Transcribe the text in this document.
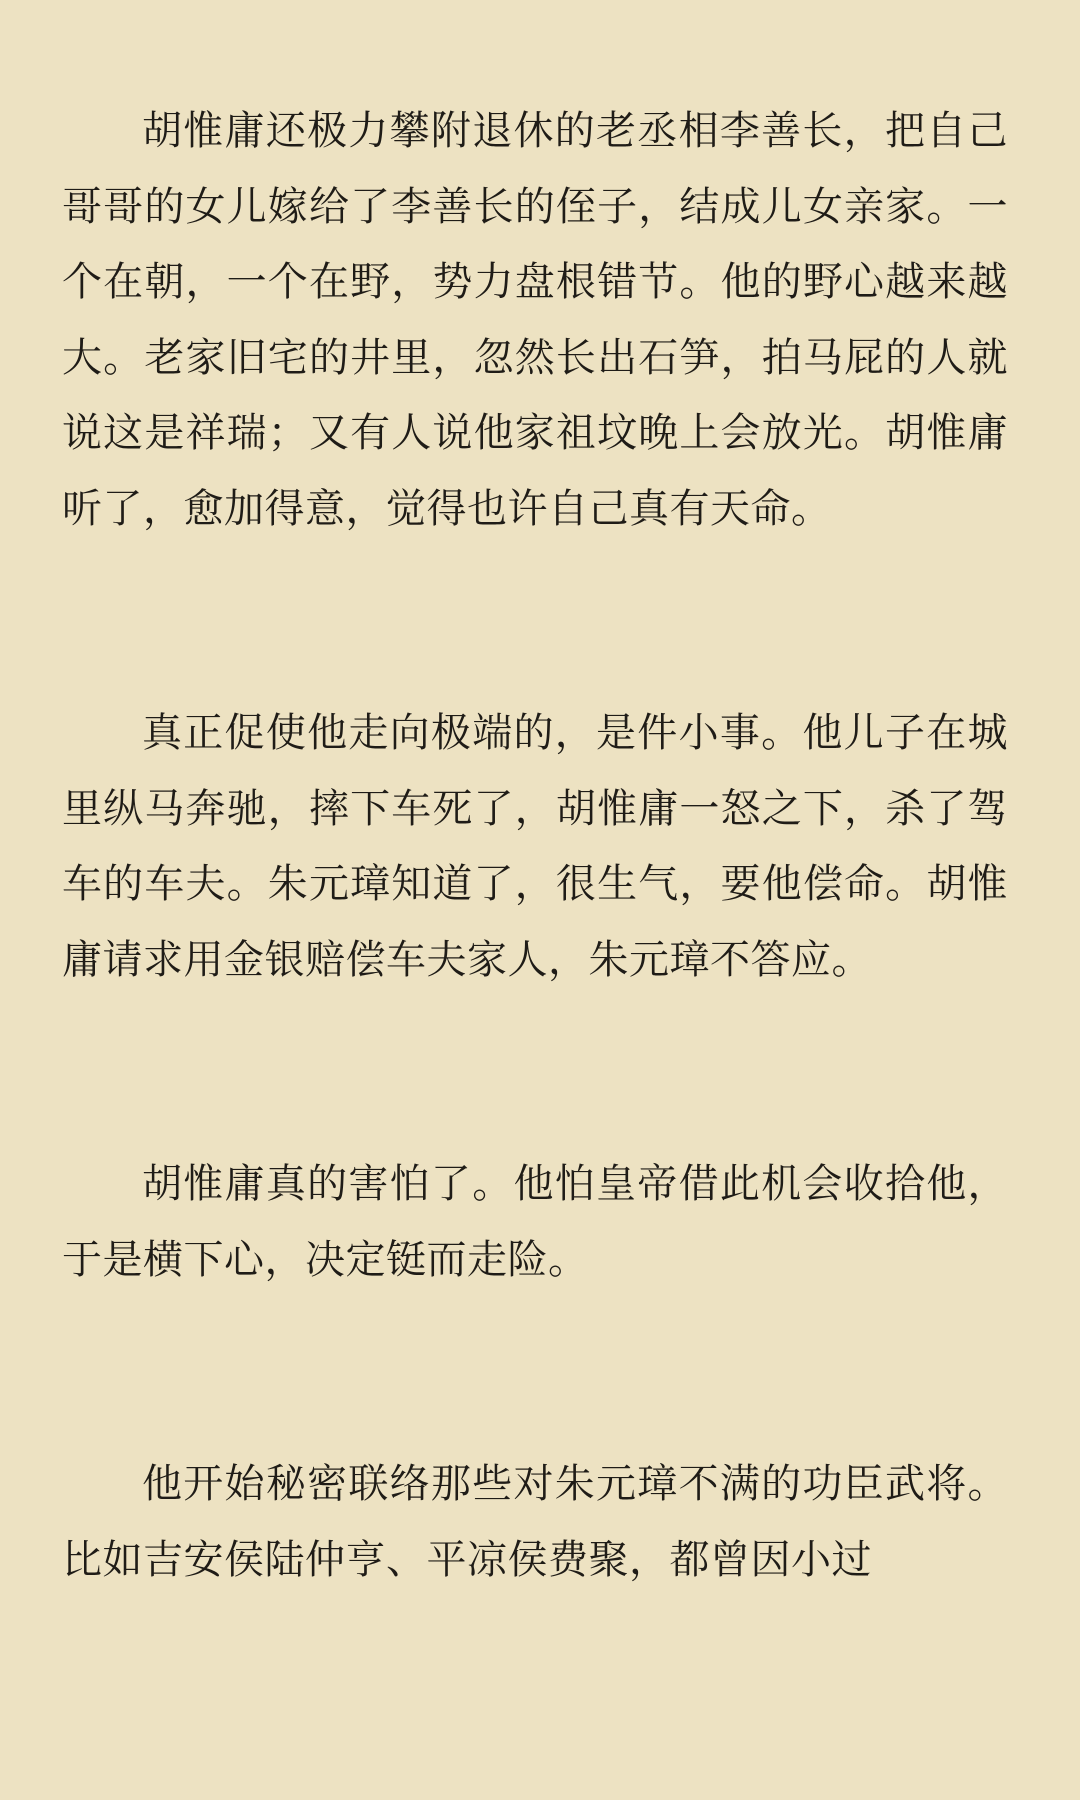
胡惟庸还极力攀附退休的老丞相李善长，把自己哥哥的女儿嫁给了李善长的侄子，结成儿女亲家。一个在朝，一个在野，势力盘根错节。他的野心越来越大。老家旧宅的井里，忽然长出石笋，拍马屁的人就说这是祥瑞；又有人说他家祖坟晚上会放光。胡惟庸听了，愈加得意，觉得也许自己真有天命。

真正促使他走向极端的，是件小事。他儿子在城里纵马奔驰，摔下车死了，胡惟庸一怒之下，杀了驾车的车夫。朱元璋知道了，很生气，要他偿命。胡惟庸请求用金银赔偿车夫家人，朱元璋不答应。

胡惟庸真的害怕了。他怕皇帝借此机会收拾他，于是横下心，决定铤而走险。

他开始秘密联络那些对朱元璋不满的功臣武将。比如吉安侯陆仲亨、平凉侯费聚，都曾因小过
